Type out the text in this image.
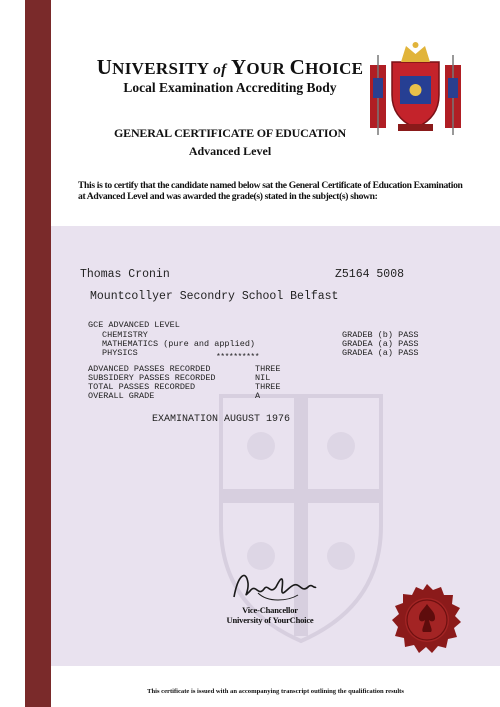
UNIVERSITY of YOUR CHOICE
Local Examination Accrediting Body
GENERAL CERTIFICATE OF EDUCATION
Advanced Level
This is to certify that the candidate named below sat the General Certificate of Education Examination at Advanced Level and was awarded the grade(s) stated in the subject(s) shown:
Thomas Cronin	Z5164 5008
Mountcollyer Secondry School Belfast
GCE ADVANCED LEVEL
CHEMISTRY	GRADEB (b) PASS
MATHEMATICS (pure and applied)	GRADEA (a) PASS
PHYSICS	GRADEA (a) PASS
**********
ADVANCED PASSES RECORDED	THREE
SUBSIDERY PASSES RECORDED	NIL
TOTAL PASSES RECORDED	THREE
OVERALL GRADE	A
EXAMINATION AUGUST 1976
Vice-Chancellor
University of YourChoice
This certificate is issued with an accompanying transcript outlining the qualification results
